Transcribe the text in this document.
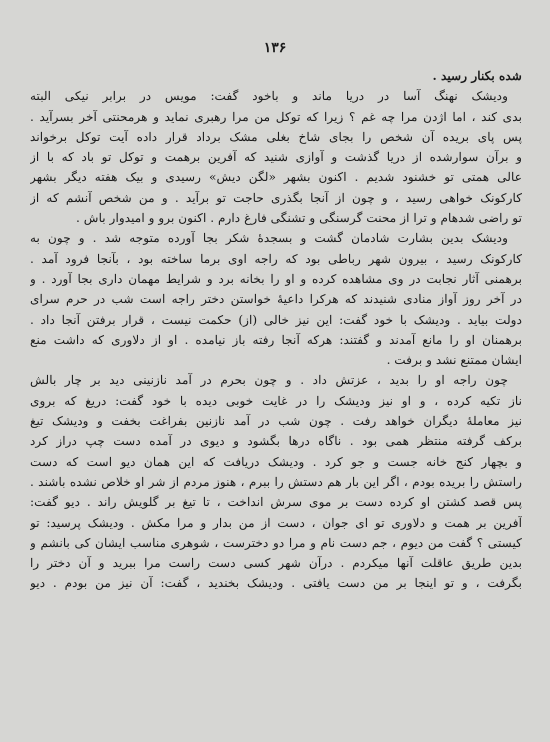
۱۳۶
شده بکنار رسید .
ودیشک نهنگ آسا در دریا ماند و باخود گفت: مویس در برابر نیکی البته
بدی کند ، اما اژدن مرا چه غم ؟ زیرا که توکل من مرا رهبری نماید و هرمحنتی آخر بسرآید .
پس پای بریده آن شخص را بجای شاخ بغلی مشک برداد قرار داده آیت توکل برخواند
و برآن سوارشده از دریا گذشت و آوازی شنید که آفرین برهمت و توکل تو باد که با از
عالی همتی تو خشنود شدیم . اکنون بشهر «لگن دیش» رسیدی و بیک هفته دیگر بشهر
کارکونک خواهی رسید ، و چون از آنجا بگذری حاجت تو برآید . و من شخص آنشم که از
تو راضی شدهام و ترا از محنت گرسنگی و تشنگی فارغ دارم . اکنون برو و امیدوار باش .
ودیشک بدین بشارت شادمان گشت و بسجدهٔ شکر بجا آورده متوجه شد . و چون به
کارکونک رسید ، بیرون شهر رباطی بود که راجه اوی برما ساخته بود ، بآنجا فرود آمد .
برهمنی آثار نجابت در وی مشاهده کرده و او را بخانه برد و شرایط مهمان داری بجا آورد . و
در آخر روز آواز منادی شنیدند که هرکرا داعیهٔ خواستن دختر راجه است شب در حرم سرای
دولت بیاید . ودیشک با خود گفت: این نیز خالی (از) حکمت نیست ، قرار برفتن آنجا داد .
برهمنان او را مانع آمدند و گفتند: هرکه آنجا رفته باز نیامده . او از دلاوری که داشت منع
ایشان ممتنع نشد و برفت .
چون راجه او را بدید ، عزتش داد . و چون بحرم در آمد نازنینی دید بر چار بالش
ناز تکیه کرده ، و او نیز ودیشک را در غایت خوبی دیده با خود گفت: دریغ که بروی
نیز معاملهٔ دیگران خواهد رفت . چون شب در آمد نازنین بفراغت بخفت و ودیشک تیغ
برکف گرفته منتظر همی بود . ناگاه درها بگشود و دیوی در آمده دست چپ دراز کرد
و بچهار کنج خانه جست و جو کرد . ودیشک دریافت که این همان دیو است که دست
راستش را بریده بودم ، اگر این بار هم دستش را ببرم ، هنوز مردم از شر او خلاص نشده باشند .
پس قصد کشتن او کرده دست بر موی سرش انداخت ، تا تیغ بر گلویش راند . دیو گفت:
آفرین بر همت و دلاوری تو ای جوان ، دست از من بدار و مرا مکش . ودیشک پرسید: تو
کیستی ؟ گفت من دیوم ، جم دست نام و مرا دو دخترست ، شوهری مناسب ایشان کی بانشم و
بدین طریق عاقلت آنها میکردم . درآن شهر کسی دست راست مرا ببرید و آن دختر را
بگرفت ، و تو اینجا بر من دست یافتی . ودیشک بخندید ، گفت: آن نیز من بودم . دیو
